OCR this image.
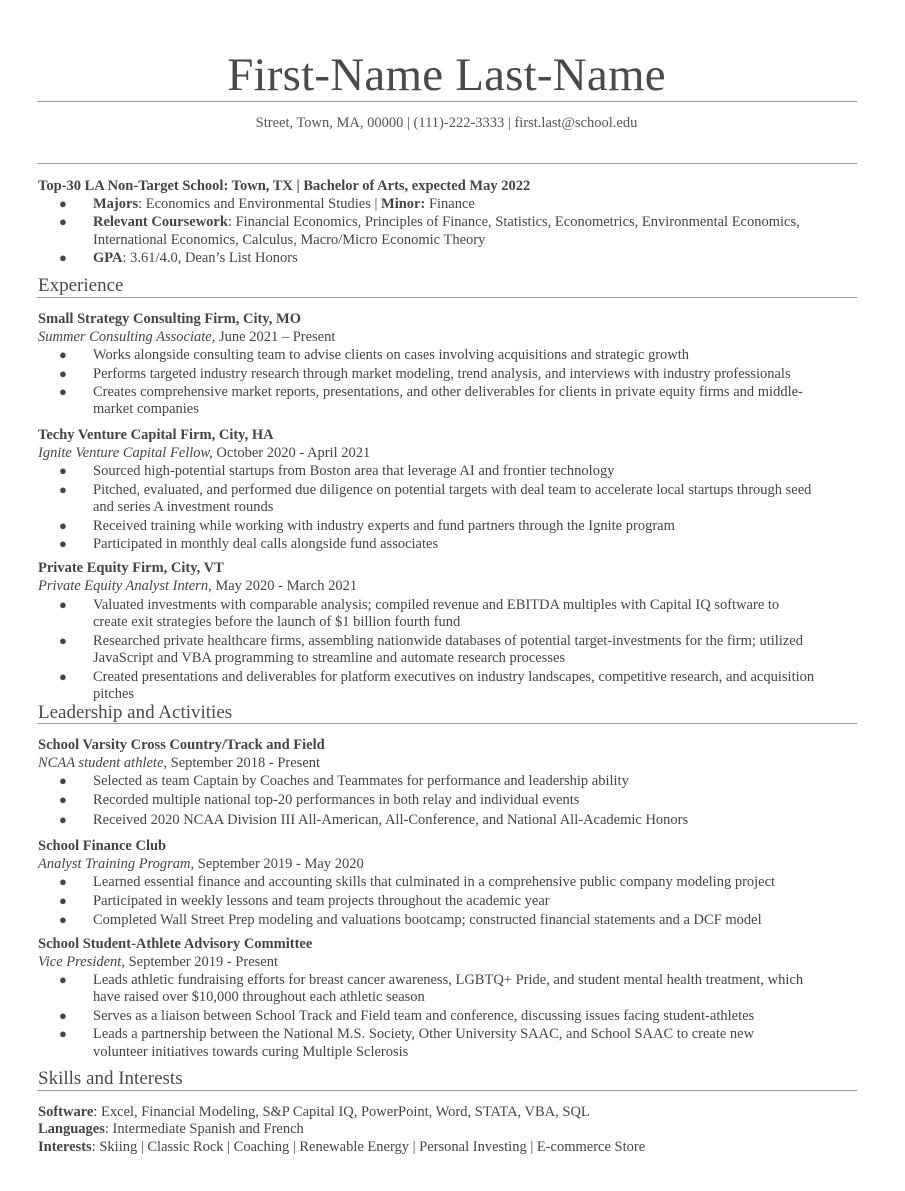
First-Name Last-Name
Street, Town, MA, 00000 | (111)-222-3333 | first.last@school.edu
Top-30 LA Non-Target School: Town, TX | Bachelor of Arts, expected May 2022
● Majors: Economics and Environmental Studies | Minor: Finance
● Relevant Coursework: Financial Economics, Principles of Finance, Statistics, Econometrics, Environmental Economics,
International Economics, Calculus, Macro/Micro Economic Theory
● GPA: 3.61/4.0, Dean’s List Honors
Experience
Small Strategy Consulting Firm, City, MO
Summer Consulting Associate, June 2021 – Present
● Works alongside consulting team to advise clients on cases involving acquisitions and strategic growth
● Performs targeted industry research through market modeling, trend analysis, and interviews with industry professionals
● Creates comprehensive market reports, presentations, and other deliverables for clients in private equity firms and middle-
market companies
Techy Venture Capital Firm, City, HA
Ignite Venture Capital Fellow, October 2020 - April 2021
● Sourced high-potential startups from Boston area that leverage AI and frontier technology
● Pitched, evaluated, and performed due diligence on potential targets with deal team to accelerate local startups through seed
and series A investment rounds
● Received training while working with industry experts and fund partners through the Ignite program
● Participated in monthly deal calls alongside fund associates
Private Equity Firm, City, VT
Private Equity Analyst Intern, May 2020 - March 2021
● Valuated investments with comparable analysis; compiled revenue and EBITDA multiples with Capital IQ software to
create exit strategies before the launch of $1 billion fourth fund
● Researched private healthcare firms, assembling nationwide databases of potential target-investments for the firm; utilized
JavaScript and VBA programming to streamline and automate research processes
● Created presentations and deliverables for platform executives on industry landscapes, competitive research, and acquisition
pitches
Leadership and Activities
School Varsity Cross Country/Track and Field
NCAA student athlete, September 2018 - Present
● Selected as team Captain by Coaches and Teammates for performance and leadership ability
● Recorded multiple national top-20 performances in both relay and individual events
● Received 2020 NCAA Division III All-American, All-Conference, and National All-Academic Honors
School Finance Club
Analyst Training Program, September 2019 - May 2020
● Learned essential finance and accounting skills that culminated in a comprehensive public company modeling project
● Participated in weekly lessons and team projects throughout the academic year
● Completed Wall Street Prep modeling and valuations bootcamp; constructed financial statements and a DCF model
School Student-Athlete Advisory Committee
Vice President, September 2019 - Present
● Leads athletic fundraising efforts for breast cancer awareness, LGBTQ+ Pride, and student mental health treatment, which
have raised over $10,000 throughout each athletic season
● Serves as a liaison between School Track and Field team and conference, discussing issues facing student-athletes
● Leads a partnership between the National M.S. Society, Other University SAAC, and School SAAC to create new
volunteer initiatives towards curing Multiple Sclerosis
Skills and Interests
Software: Excel, Financial Modeling, S&P Capital IQ, PowerPoint, Word, STATA, VBA, SQL
Languages: Intermediate Spanish and French
Interests: Skiing | Classic Rock | Coaching | Renewable Energy | Personal Investing | E-commerce Store
